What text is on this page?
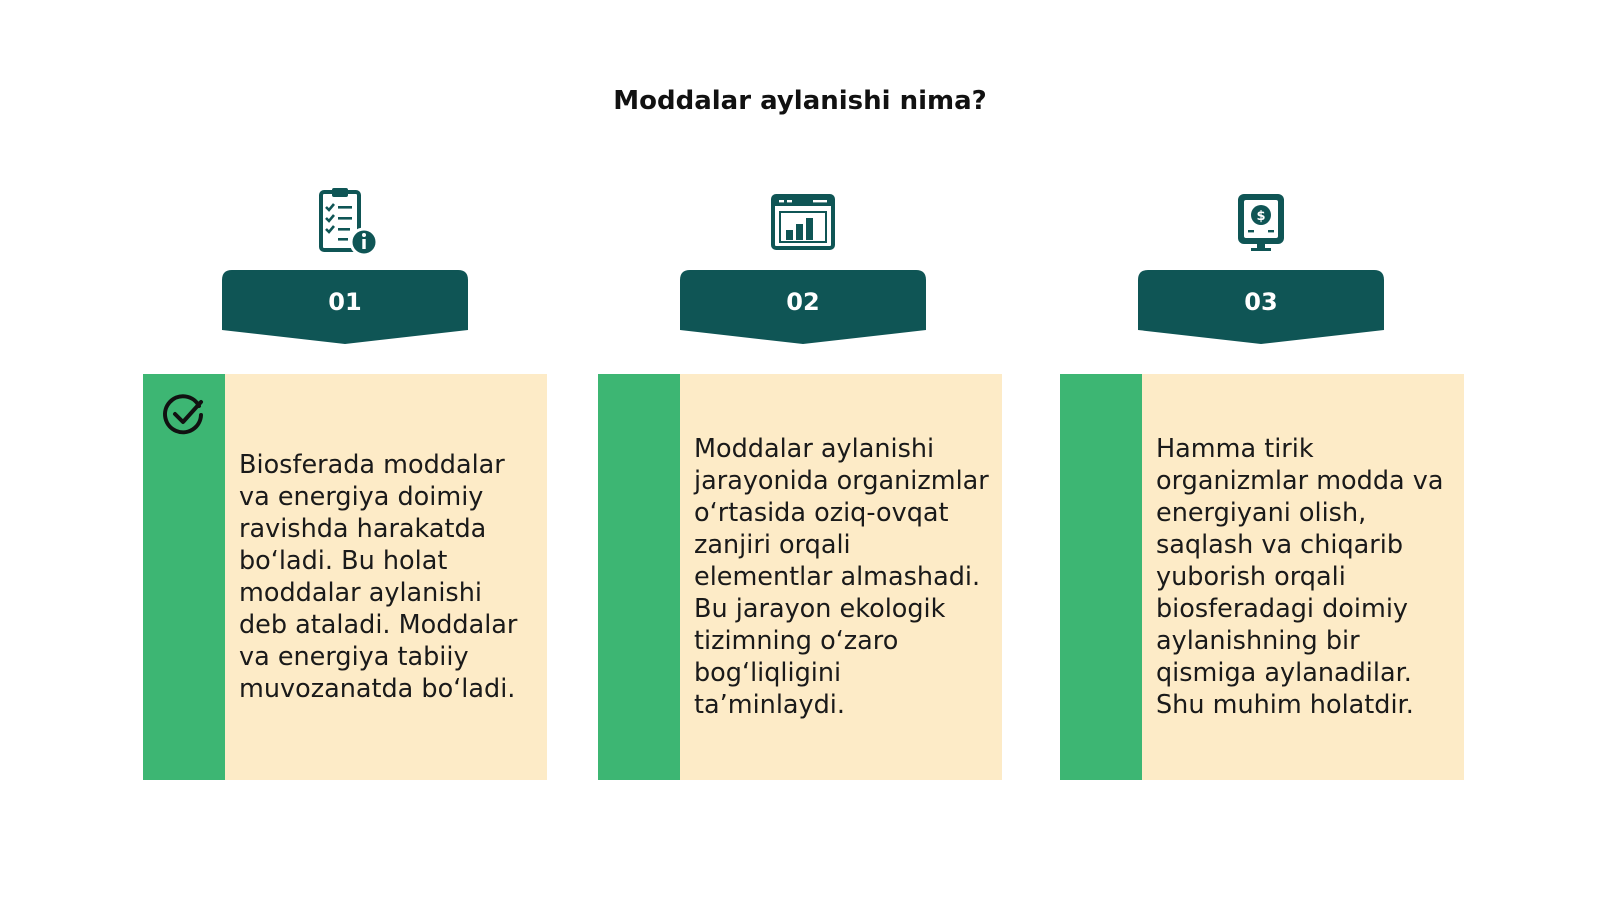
Moddalar aylanishi nima?
01	02
$
03
Biosferada moddalar va energiya doimiy ravishda harakatda bo‘ladi. Bu holat moddalar aylanishi deb ataladi. Moddalar va energiya tabiiy muvozanatda bo‘ladi.
Moddalar aylanishi jarayonida organizmlar o‘rtasida oziq-ovqat zanjiri orqali elementlar almashadi. Bu jarayon ekologik tizimning o‘zaro bog‘liqligini ta’minlaydi.
Hamma tirik organizmlar modda va energiyani olish, saqlash va chiqarib yuborish orqali biosferadagi doimiy aylanishning bir qismiga aylanadilar. Shu muhim holatdir.
